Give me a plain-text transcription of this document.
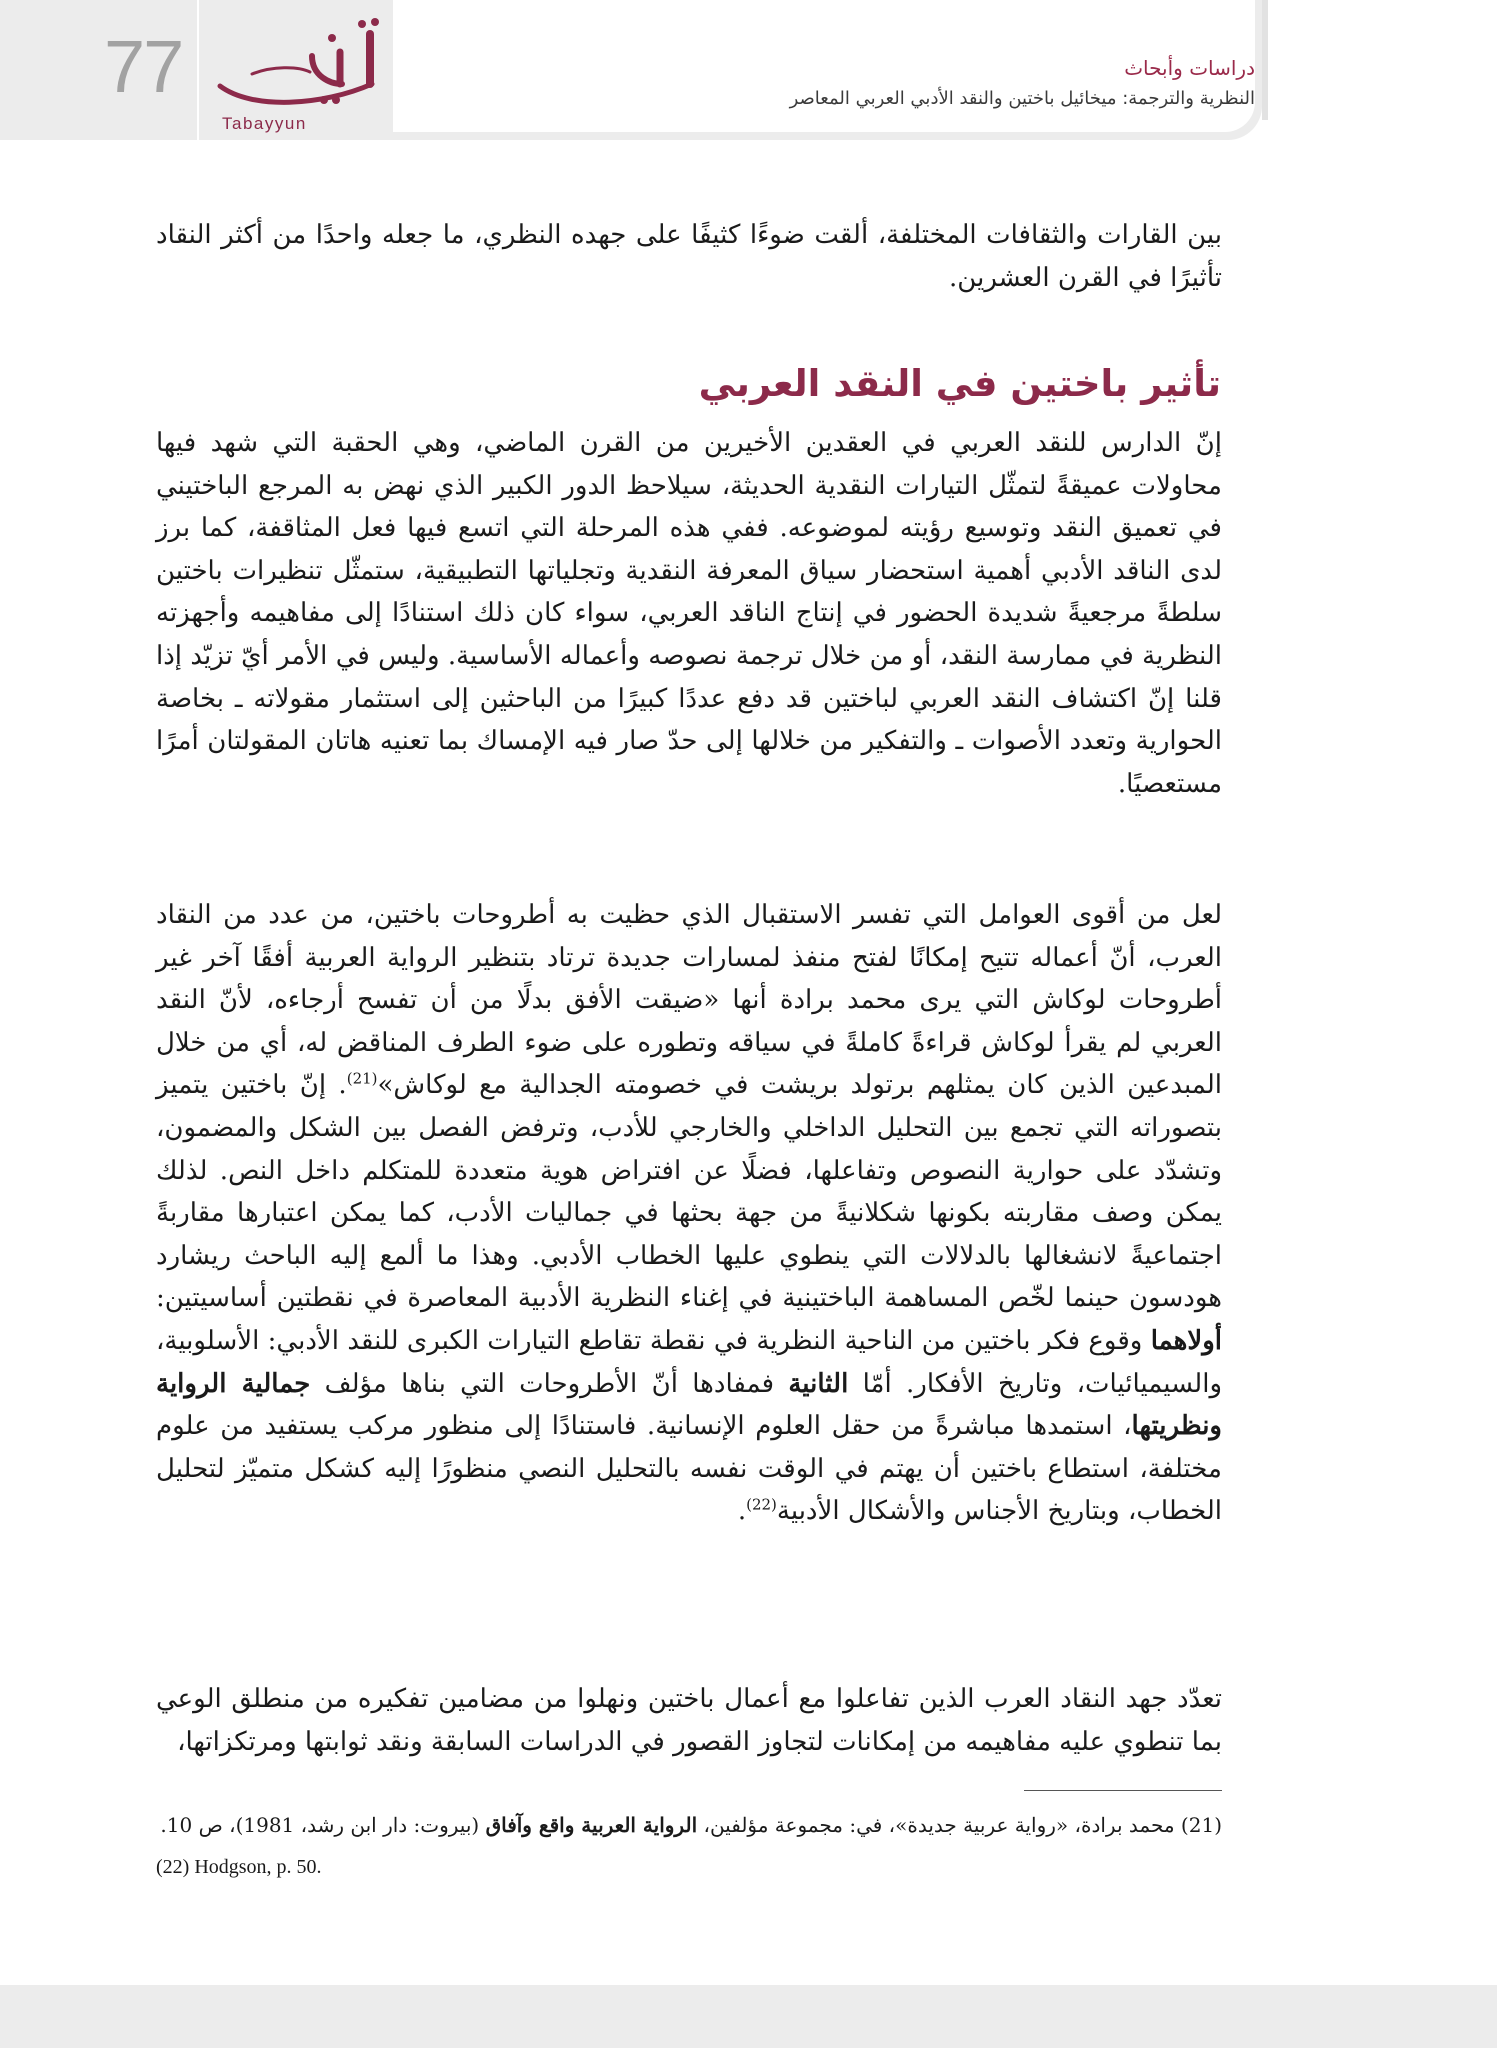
77
Tabayyun
دراسات وأبحاث
النظرية والترجمة: ميخائيل باختين والنقد الأدبي العربي المعاصر

بين القارات والثقافات المختلفة، ألقت ضوءًا كثيفًا على جهده النظري، ما جعله واحدًا من أكثر النقاد تأثيرًا في القرن العشرين.

تأثير باختين في النقد العربي

إنّ الدارس للنقد العربي في العقدين الأخيرين من القرن الماضي، وهي الحقبة التي شهد فيها محاولات عميقةً لتمثّل التيارات النقدية الحديثة، سيلاحظ الدور الكبير الذي نهض به المرجع الباختيني في تعميق النقد وتوسيع رؤيته لموضوعه. ففي هذه المرحلة التي اتسع فيها فعل المثاقفة، كما برز لدى الناقد الأدبي أهمية استحضار سياق المعرفة النقدية وتجلياتها التطبيقية، ستمثّل تنظيرات باختين سلطةً مرجعيةً شديدة الحضور في إنتاج الناقد العربي، سواء كان ذلك استنادًا إلى مفاهيمه وأجهزته النظرية في ممارسة النقد، أو من خلال ترجمة نصوصه وأعماله الأساسية. وليس في الأمر أيّ تزيّد إذا قلنا إنّ اكتشاف النقد العربي لباختين قد دفع عددًا كبيرًا من الباحثين إلى استثمار مقولاته ـ بخاصة الحوارية وتعدد الأصوات ـ والتفكير من خلالها إلى حدّ صار فيه الإمساك بما تعنيه هاتان المقولتان أمرًا مستعصيًا.

لعل من أقوى العوامل التي تفسر الاستقبال الذي حظيت به أطروحات باختين، من عدد من النقاد العرب، أنّ أعماله تتيح إمكانًا لفتح منفذ لمسارات جديدة ترتاد بتنظير الرواية العربية أفقًا آخر غير أطروحات لوكاش التي يرى محمد برادة أنها «ضيقت الأفق بدلًا من أن تفسح أرجاءه، لأنّ النقد العربي لم يقرأ لوكاش قراءةً كاملةً في سياقه وتطوره على ضوء الطرف المناقض له، أي من خلال المبدعين الذين كان يمثلهم برتولد بريشت في خصومته الجدالية مع لوكاش»$^{(21)}$. إنّ باختين يتميز بتصوراته التي تجمع بين التحليل الداخلي والخارجي للأدب، وترفض الفصل بين الشكل والمضمون، وتشدّد على حوارية النصوص وتفاعلها، فضلًا عن افتراض هوية متعددة للمتكلم داخل النص. لذلك يمكن وصف مقاربته بكونها شكلانيةً من جهة بحثها في جماليات الأدب، كما يمكن اعتبارها مقاربةً اجتماعيةً لانشغالها بالدلالات التي ينطوي عليها الخطاب الأدبي. وهذا ما ألمع إليه الباحث ريشارد هودسون حينما لخّص المساهمة الباختينية في إغناء النظرية الأدبية المعاصرة في نقطتين أساسيتين: أولاهما وقوع فكر باختين من الناحية النظرية في نقطة تقاطع التيارات الكبرى للنقد الأدبي: الأسلوبية، والسيميائيات، وتاريخ الأفكار. أمّا الثانية فمفادها أنّ الأطروحات التي بناها مؤلف جمالية الرواية ونظريتها، استمدها مباشرةً من حقل العلوم الإنسانية. فاستنادًا إلى منظور مركب يستفيد من علوم مختلفة، استطاع باختين أن يهتم في الوقت نفسه بالتحليل النصي منظورًا إليه كشكل متميّز لتحليل الخطاب، وبتاريخ الأجناس والأشكال الأدبية$^{(22)}$.

تعدّد جهد النقاد العرب الذين تفاعلوا مع أعمال باختين ونهلوا من مضامين تفكيره من منطلق الوعي بما تنطوي عليه مفاهيمه من إمكانات لتجاوز القصور في الدراسات السابقة ونقد ثوابتها ومرتكزاتها،

(21) محمد برادة، «رواية عربية جديدة»، في: مجموعة مؤلفين، الرواية العربية واقع وآفاق (بيروت: دار ابن رشد، 1981)، ص 10.

(22) Hodgson, p. 50.
